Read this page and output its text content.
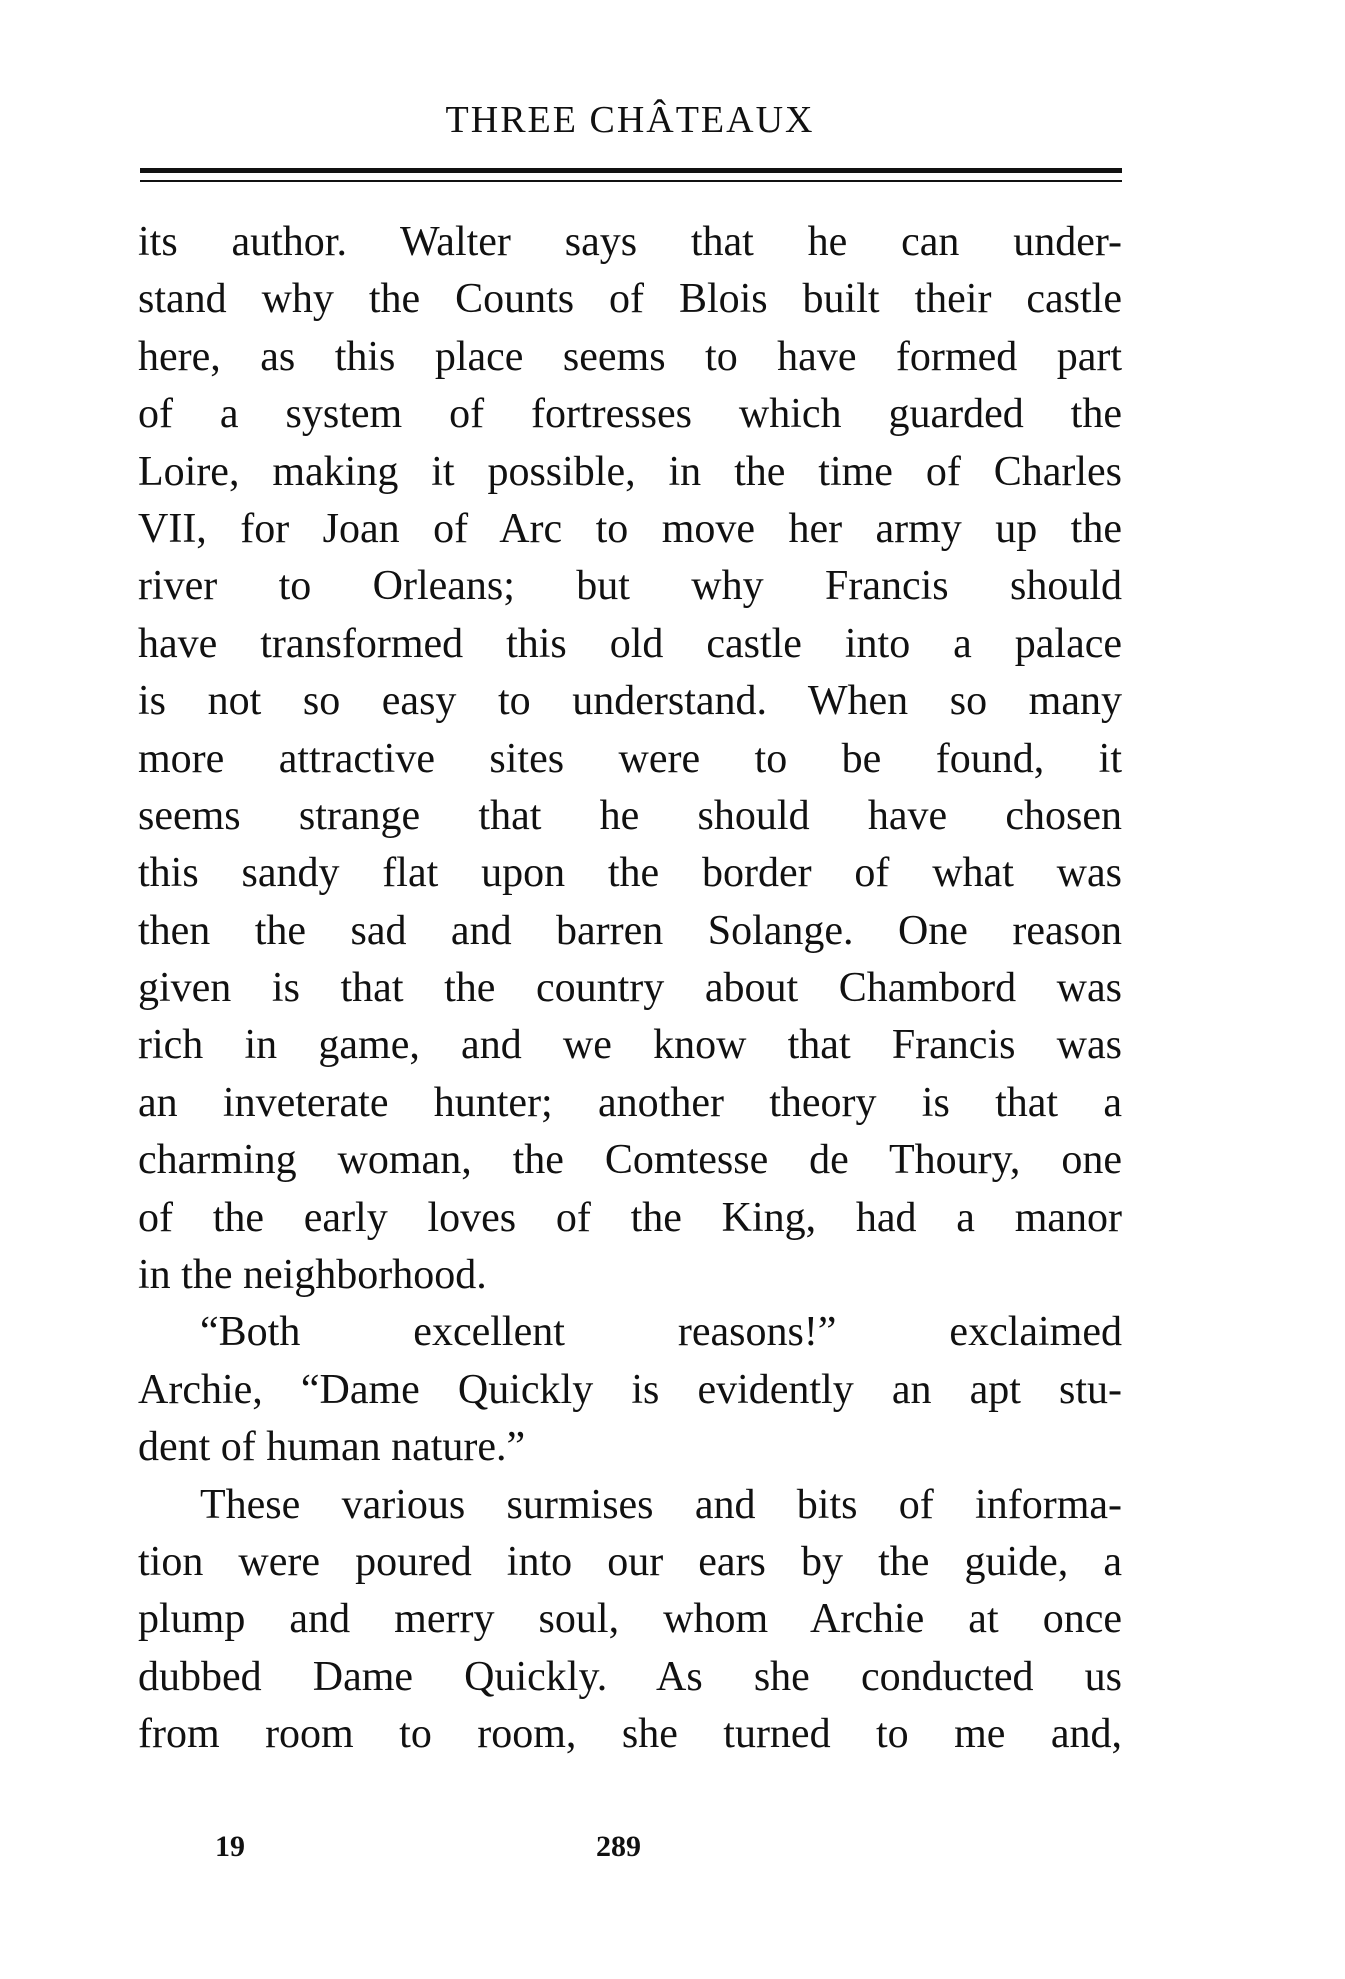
THREE CHÂTEAUX
its author. Walter says that he can under-
stand why the Counts of Blois built their castle
here, as this place seems to have formed part
of a system of fortresses which guarded the
Loire, making it possible, in the time of Charles
VII, for Joan of Arc to move her army up the
river to Orleans; but why Francis should
have transformed this old castle into a palace
is not so easy to understand. When so many
more attractive sites were to be found, it
seems strange that he should have chosen
this sandy flat upon the border of what was
then the sad and barren Solange. One reason
given is that the country about Chambord was
rich in game, and we know that Francis was
an inveterate hunter; another theory is that a
charming woman, the Comtesse de Thoury, one
of the early loves of the King, had a manor
in the neighborhood.
“Both excellent reasons!” exclaimed
Archie, “Dame Quickly is evidently an apt stu-
dent of human nature.”
These various surmises and bits of informa-
tion were poured into our ears by the guide, a
plump and merry soul, whom Archie at once
dubbed Dame Quickly. As she conducted us
from room to room, she turned to me and,
19	289
